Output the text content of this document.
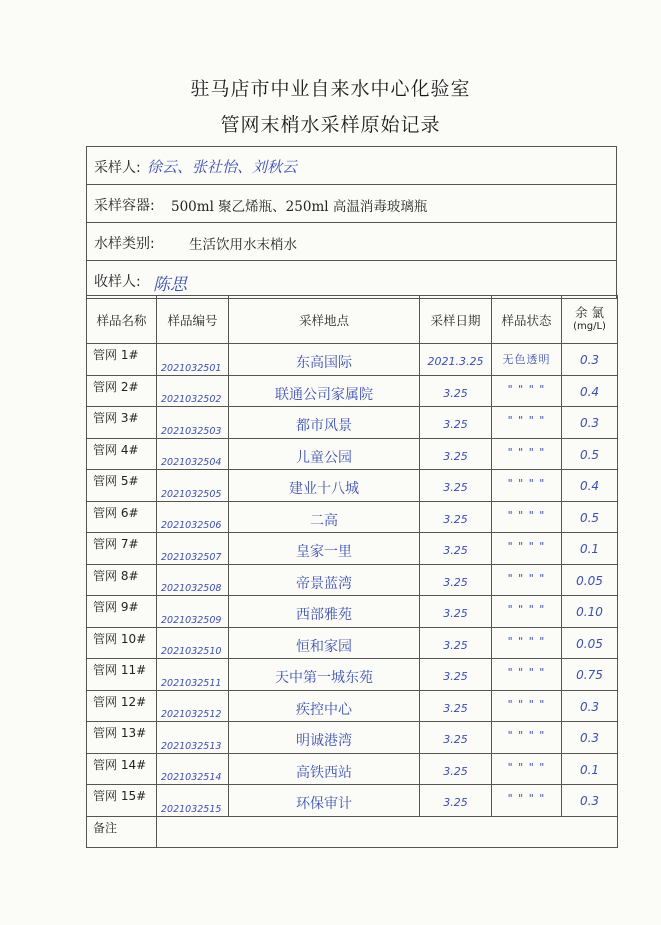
驻马店市中业自来水中心化验室
管网末梢水采样原始记录
采样人: 徐云、张社怡、刘秋云
采样容器: 500ml 聚乙烯瓶、250ml 高温消毒玻璃瓶
水样类别:	生活饮用水末梢水
收样人: 陈思
样品名称	样品编号	采样地点	采样日期	样品状态	余 氯
(mg/L)

管网 1#	2021032501	东高国际	2021.3.25	无色透明	0.3

管网 2#	2021032502	联通公司家属院	3.25	" " " "	0.4

管网 3#	2021032503	都市风景	3.25	" " " "	0.3

管网 4#	2021032504	儿童公园	3.25	" " " "	0.5

管网 5#	2021032505	建业十八城	3.25	" " " "	0.4

管网 6#	2021032506	二高	3.25	" " " "	0.5

管网 7#	2021032507	皇家一里	3.25	" " " "	0.1

管网 8#	2021032508	帝景蓝湾	3.25	" " " "	0.05

管网 9#	2021032509	西部雅苑	3.25	" " " "	0.10

管网 10#	2021032510	恒和家园	3.25	" " " "	0.05

管网 11#	2021032511	天中第一城东苑	3.25	" " " "	0.75

管网 12#	2021032512	疾控中心	3.25	" " " "	0.3

管网 13#	2021032513	明诚港湾	3.25	" " " "	0.3

管网 14#	2021032514	高铁西站	3.25	" " " "	0.1

管网 15#	2021032515	环保审计	3.25	" " " "	0.3

备注					
